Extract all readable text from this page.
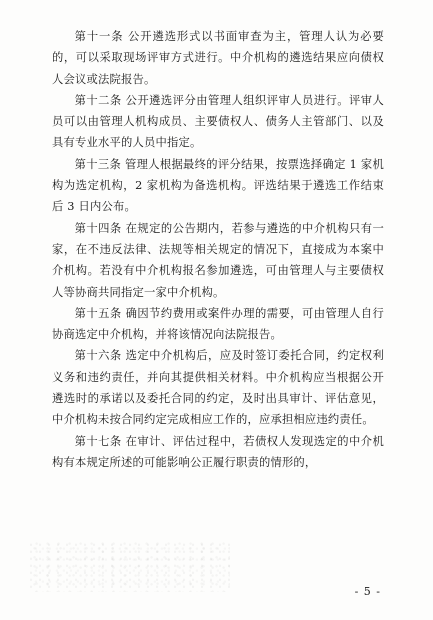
第十一条 公开遴选形式以书面审查为主，管理人认为必要的，可以采取现场评审方式进行。中介机构的遴选结果应向债权人会议或法院报告。

第十二条 公开遴选评分由管理人组织评审人员进行。评审人员可以由管理人机构成员、主要债权人、债务人主管部门、以及具有专业水平的人员中指定。

第十三条 管理人根据最终的评分结果，按票选择确定 1 家机构为选定机构，2 家机构为备选机构。评选结果于遴选工作结束后 3 日内公布。

第十四条 在规定的公告期内，若参与遴选的中介机构只有一家，在不违反法律、法规等相关规定的情况下，直接成为本案中介机构。若没有中介机构报名参加遴选，可由管理人与主要债权人等协商共同指定一家中介机构。

第十五条 确因节约费用或案件办理的需要，可由管理人自行协商选定中介机构，并将该情况向法院报告。

第十六条 选定中介机构后，应及时签订委托合同，约定权利义务和违约责任，并向其提供相关材料。中介机构应当根据公开遴选时的承诺以及委托合同的约定，及时出具审计、评估意见，中介机构未按合同约定完成相应工作的，应承担相应违约责任。

第十七条 在审计、评估过程中，若债权人发现选定的中介机构有本规定所述的可能影响公正履行职责的情形的，

- 5 -
